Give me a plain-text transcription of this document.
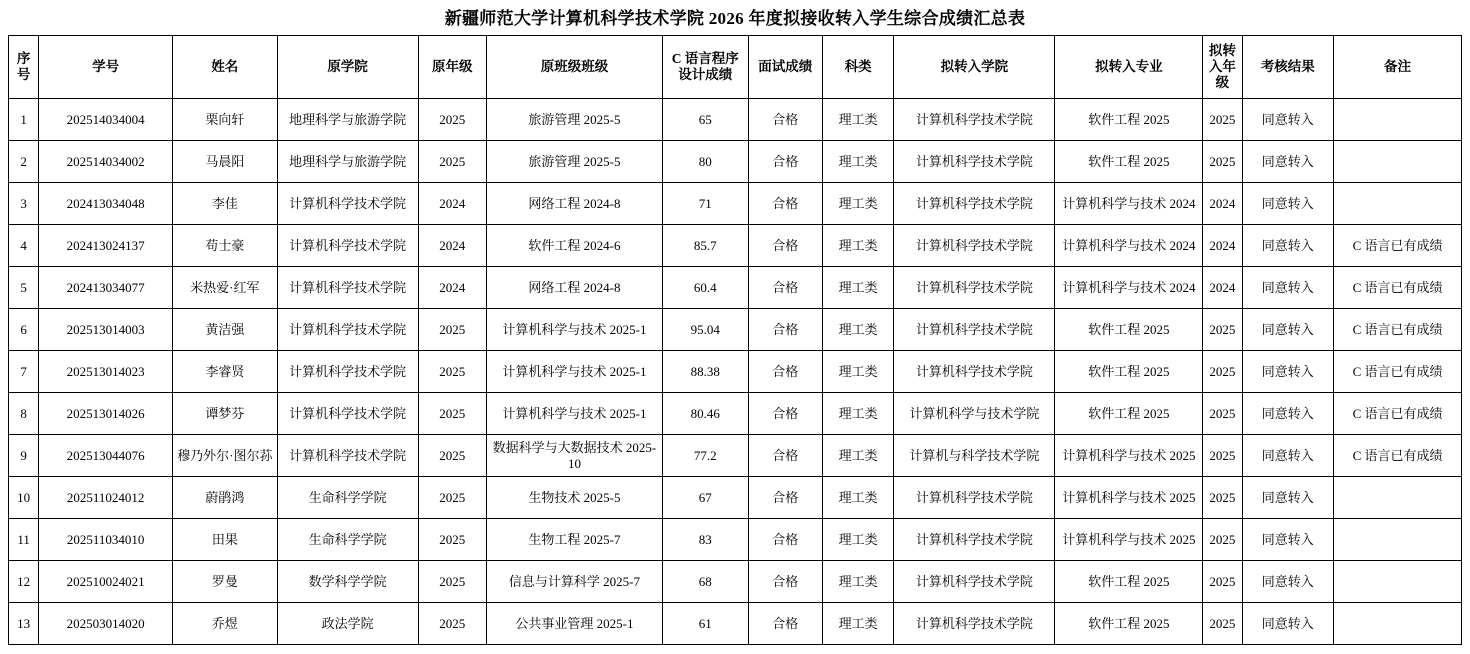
新疆师范大学计算机科学技术学院 2026 年度拟接收转入学生综合成绩汇总表
序号	学号	姓名	原学院	原年级	原班级班级	C 语言程序设计成绩	面试成绩	科类	拟转入学院	拟转入专业	拟转入年级	考核结果	备注
1	202514034004	栗向轩	地理科学与旅游学院	2025	旅游管理 2025-5	65	合格	理工类	计算机科学技术学院	软件工程 2025	2025	同意转入	
2	202514034002	马晨阳	地理科学与旅游学院	2025	旅游管理 2025-5	80	合格	理工类	计算机科学技术学院	软件工程 2025	2025	同意转入	
3	202413034048	李佳	计算机科学技术学院	2024	网络工程 2024-8	71	合格	理工类	计算机科学技术学院	计算机科学与技术 2024	2024	同意转入	
4	202413024137	苟士豪	计算机科学技术学院	2024	软件工程 2024-6	85.7	合格	理工类	计算机科学技术学院	计算机科学与技术 2024	2024	同意转入	C 语言已有成绩
5	202413034077	米热爱·红军	计算机科学技术学院	2024	网络工程 2024-8	60.4	合格	理工类	计算机科学技术学院	计算机科学与技术 2024	2024	同意转入	C 语言已有成绩
6	202513014003	黄洁强	计算机科学技术学院	2025	计算机科学与技术 2025-1	95.04	合格	理工类	计算机科学技术学院	软件工程 2025	2025	同意转入	C 语言已有成绩
7	202513014023	李睿贤	计算机科学技术学院	2025	计算机科学与技术 2025-1	88.38	合格	理工类	计算机科学技术学院	软件工程 2025	2025	同意转入	C 语言已有成绩
8	202513014026	谭梦芬	计算机科学技术学院	2025	计算机科学与技术 2025-1	80.46	合格	理工类	计算机科学与技术学院	软件工程 2025	2025	同意转入	C 语言已有成绩
9	202513044076	穆乃外尔·图尔荪	计算机科学技术学院	2025	数据科学与大数据技术 2025-10	77.2	合格	理工类	计算机与科学技术学院	计算机科学与技术 2025	2025	同意转入	C 语言已有成绩
10	202511024012	蔚鹃鸿	生命科学学院	2025	生物技术 2025-5	67	合格	理工类	计算机科学技术学院	计算机科学与技术 2025	2025	同意转入	
11	202511034010	田果	生命科学学院	2025	生物工程 2025-7	83	合格	理工类	计算机科学技术学院	计算机科学与技术 2025	2025	同意转入	
12	202510024021	罗曼	数学科学学院	2025	信息与计算科学 2025-7	68	合格	理工类	计算机科学技术学院	软件工程 2025	2025	同意转入	
13	202503014020	乔煜	政法学院	2025	公共事业管理 2025-1	61	合格	理工类	计算机科学技术学院	软件工程 2025	2025	同意转入	
